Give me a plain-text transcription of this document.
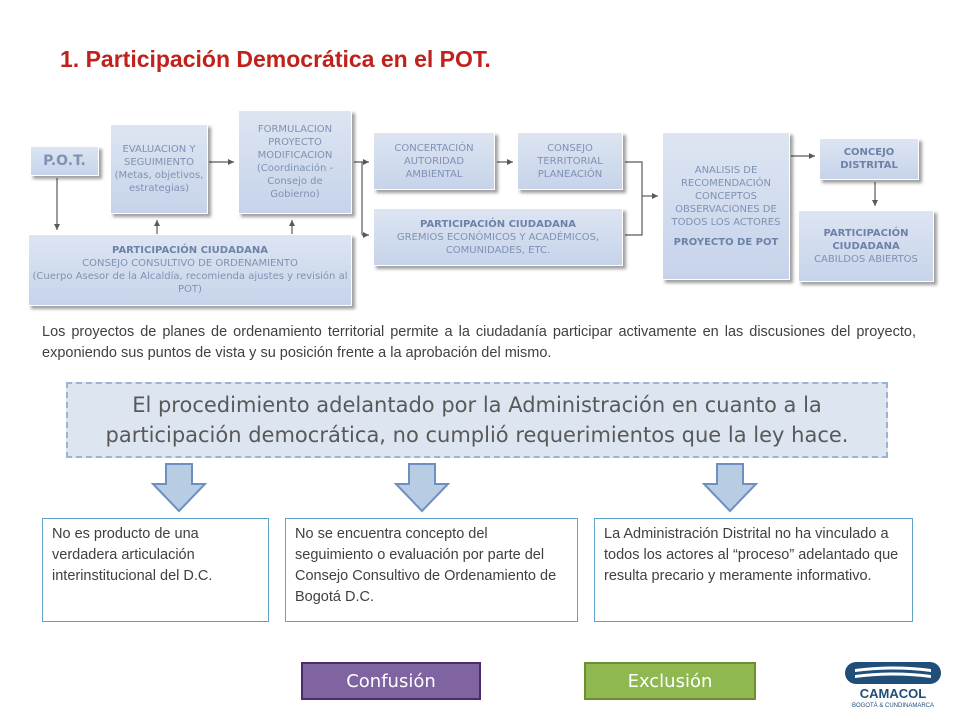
1. Participación Democrática en el POT.
P.O.T.
EVALUACION Y SEGUIMIENTO (Metas, objetivos, estrategias)
FORMULACION PROYECTO MODIFICACION (Coordinación - Consejo de Gobierno)
PARTICIPACIÓN CIUDADANA
CONSEJO CONSULTIVO DE ORDENAMIENTO
(Cuerpo Asesor de la Alcaldía, recomienda ajustes y revisión al POT)
CONCERTACIÓN AUTORIDAD AMBIENTAL
CONSEJO TERRITORIAL PLANEACIÓN
PARTICIPACIÓN CIUDADANA
GREMIOS ECONÓMICOS Y ACADÉMICOS, COMUNIDADES, ETC.
ANALISIS DE RECOMENDACIÓN CONCEPTOS OBSERVACIONES DE TODOS LOS ACTORES
PROYECTO DE POT
CONCEJO DISTRITAL
PARTICIPACIÓN CIUDADANA
CABILDOS ABIERTOS

Los proyectos de planes de ordenamiento territorial permite a la ciudadanía participar activamente en las discusiones del proyecto, exponiendo sus puntos de vista y su posición frente a la aprobación del mismo.

El procedimiento adelantado por la Administración en cuanto a la participación democrática, no cumplió requerimientos que la ley hace.
No es producto de una verdadera articulación interinstitucional del D.C.
No se encuentra concepto del seguimiento o evaluación por parte del Consejo Consultivo de Ordenamiento de Bogotá D.C.
La Administración Distrital no ha vinculado a todos los actores al “proceso” adelantado que resulta precario y meramente informativo.
Confusión	Exclusión
CAMACOL
BOGOTÁ & CUNDINAMARCA
